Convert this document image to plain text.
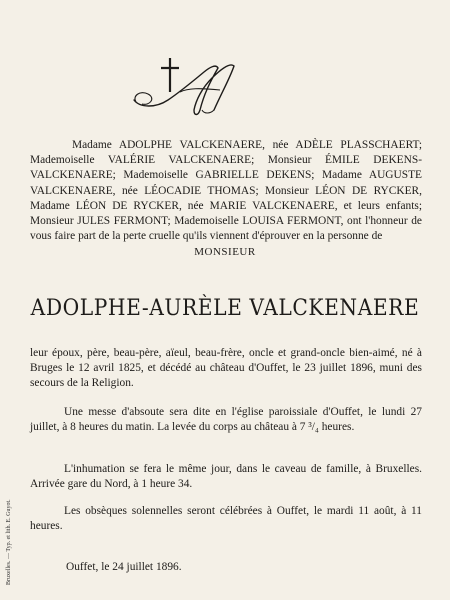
Madame ADOLPHE VALCKENAERE, née ADÈLE PLASSCHAERT; Mademoiselle VALÉRIE VALCKENAERE; Monsieur ÉMILE DEKENS-VALCKENAERE; Mademoiselle GABRIELLE DEKENS; Madame AUGUSTE VALCKENAERE, née LÉOCADIE THOMAS; Monsieur LÉON DE RYCKER, Madame LÉON DE RYCKER, née MARIE VALCKENAERE, et leurs enfants; Monsieur JULES FERMONT; Mademoiselle LOUISA FERMONT, ont l'honneur de vous faire part de la perte cruelle qu'ils viennent d'éprouver en la personne de
MONSIEUR
ADOLPHE-AURÈLE VALCKENAERE
leur époux, père, beau-père, aïeul, beau-frère, oncle et grand-oncle bien-aimé, né à Bruges le 12 avril 1825, et décédé au château d'Ouffet, le 23 juillet 1896, muni des secours de la Religion.
Une messe d'absoute sera dite en l'église paroissiale d'Ouffet, le lundi 27 juillet, à 8 heures du matin. La levée du corps au château à 7 ³/₄ heures.
L'inhumation se fera le même jour, dans le caveau de famille, à Bruxelles. Arrivée gare du Nord, à 1 heure 34.
Les obsèques solennelles seront célébrées à Ouffet, le mardi 11 août, à 11 heures.
Ouffet, le 24 juillet 1896.
Bruxelles. — Typ. et lith. E. Guyot.
